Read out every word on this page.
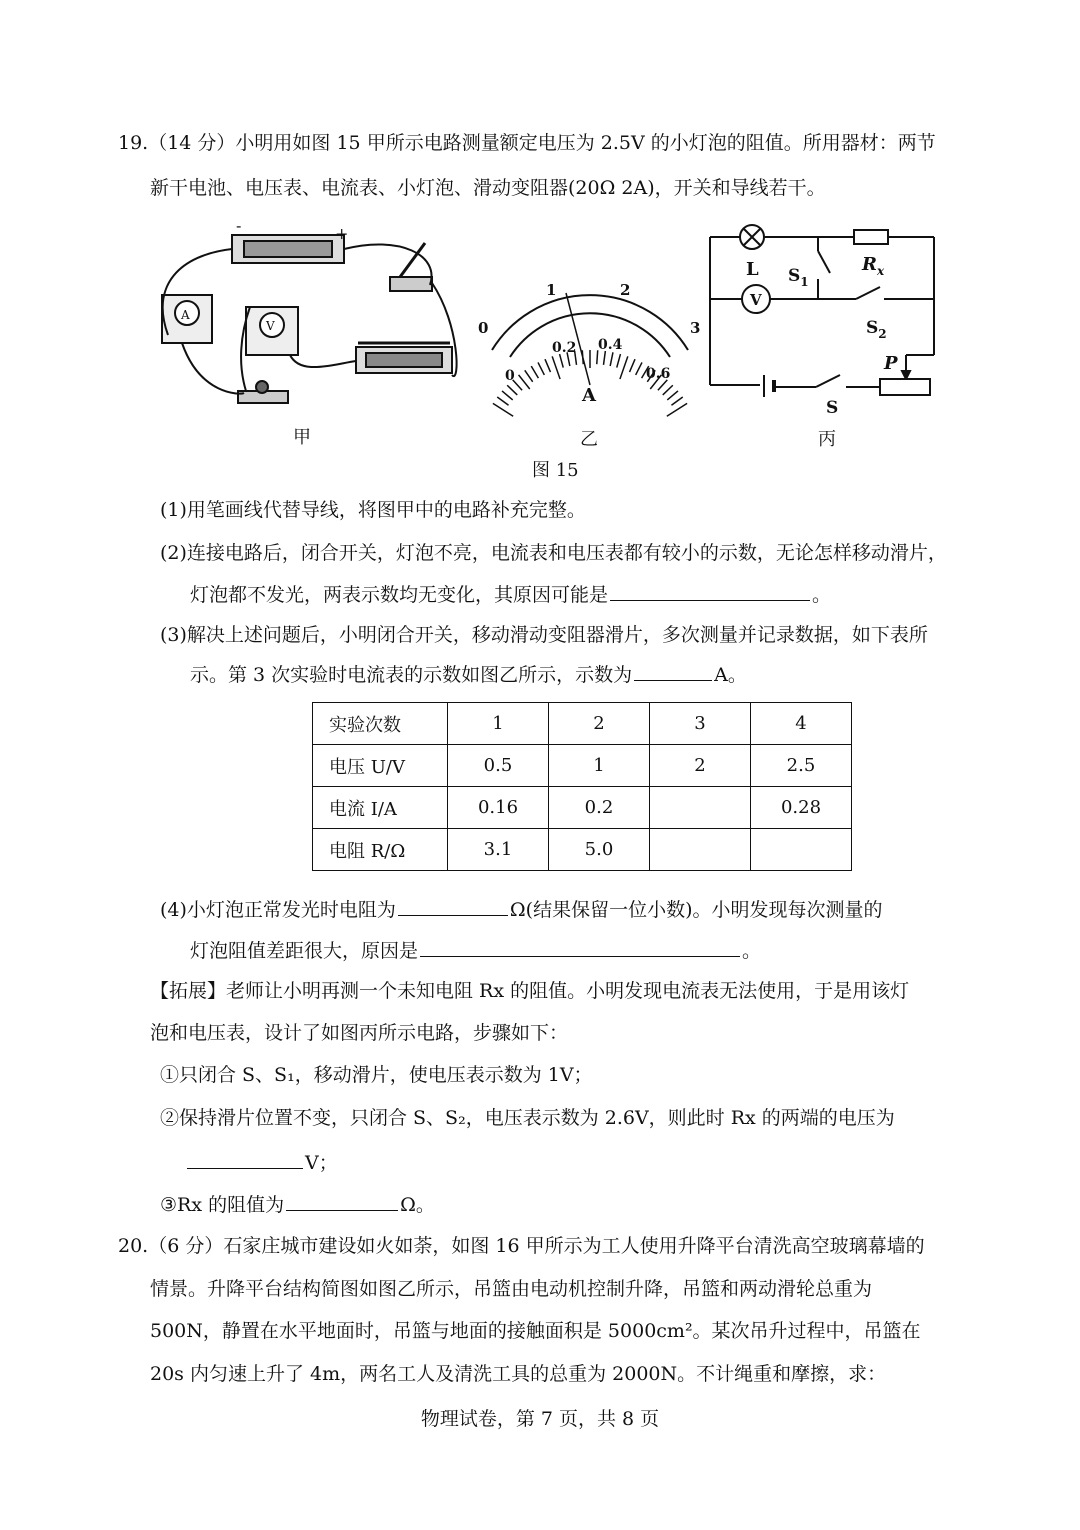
19.（14 分）小明用如图 15 甲所示电路测量额定电压为 2.5V 的小灯泡的阻值。所用器材：两节
新干电池、电压表、电流表、小灯泡、滑动变阻器(20Ω 2A)，开关和导线若干。
-	+
A
V	0
1	2
3
0
0.2 0.4
0.6
A
L $S_1$
$R_x$
V
$S_2$
P
S
甲	乙	丙
图 15
(1)用笔画线代替导线，将图甲中的电路补充完整。
(2)连接电路后，闭合开关，灯泡不亮，电流表和电压表都有较小的示数，无论怎样移动滑片，
灯泡都不发光，两表示数均无变化，其原因可能是	。
(3)解决上述问题后，小明闭合开关，移动滑动变阻器滑片，多次测量并记录数据，如下表所
示。第 3 次实验时电流表的示数如图乙所示，示数为	A。
实验次数	1	2	3	4
电压 U/V	0.5	1	2	2.5
电流 I/A	0.16	0.2		0.28
电阻 R/Ω	3.1	5.0		
(4)小灯泡正常发光时电阻为	Ω(结果保留一位小数)。小明发现每次测量的
灯泡阻值差距很大，原因是	。
【拓展】老师让小明再测一个未知电阻 Rx 的阻值。小明发现电流表无法使用，于是用该灯
泡和电压表，设计了如图丙所示电路，步骤如下：
①只闭合 S、S₁，移动滑片，使电压表示数为 1V；
②保持滑片位置不变，只闭合 S、S₂，电压表示数为 2.6V，则此时 Rx 的两端的电压为
V；
③Rx 的阻值为	Ω。
20.（6 分）石家庄城市建设如火如荼，如图 16 甲所示为工人使用升降平台清洗高空玻璃幕墙的
情景。升降平台结构简图如图乙所示，吊篮由电动机控制升降，吊篮和两动滑轮总重为
500N，静置在水平地面时，吊篮与地面的接触面积是 5000cm²。某次吊升过程中，吊篮在
20s 内匀速上升了 4m，两名工人及清洗工具的总重为 2000N。不计绳重和摩擦，求：
物理试卷，第 7 页，共 8 页
